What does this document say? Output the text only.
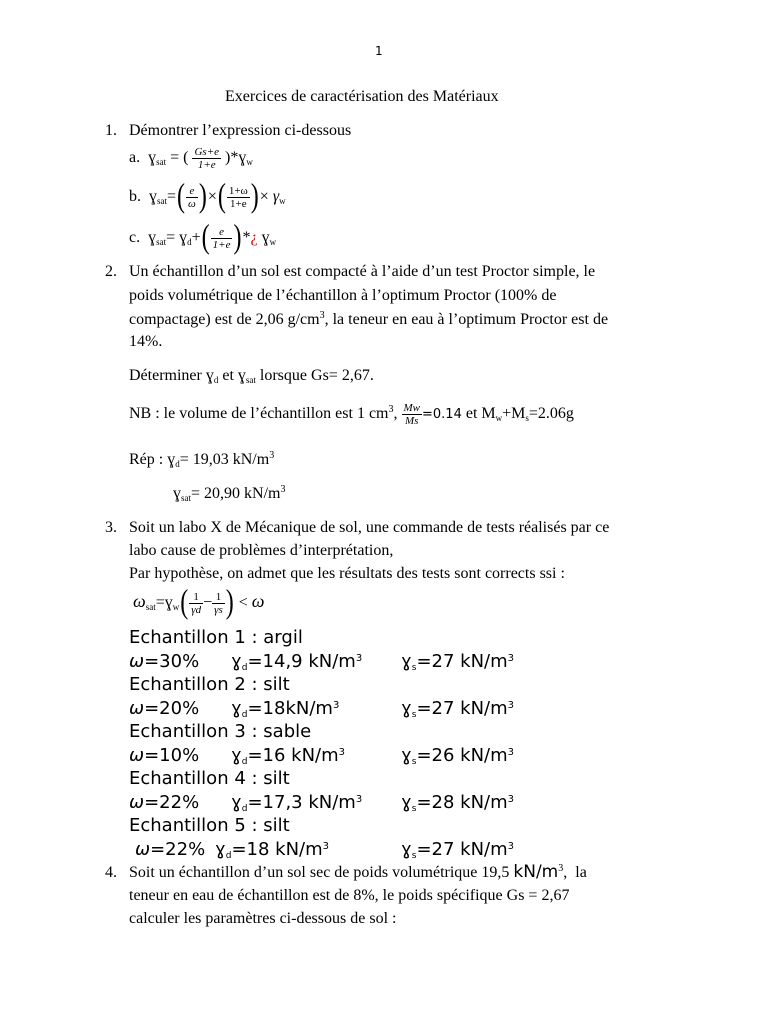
1
Exercices de caractérisation des Matériaux
1. Démontrer l’expression ci-dessous
a. ɣ$_{sat}$ = ( $\frac{Gs+e}{1+e}$ )*ɣ$_w$
b. ɣ$_{sat}$=( $\frac{e}{\omega}$ )×( $\frac{1+\omega}{1+e}$ )× $\gamma_w$
c. ɣ$_{sat}$= ɣ$_d$+( $\frac{e}{1+e}$ )*¿ ɣ$_w$
2. Un échantillon d’un sol est compacté à l’aide d’un test Proctor simple, le
poids volumétrique de l’échantillon à l’optimum Proctor (100% de
compactage) est de 2,06 $g/cm^3$, la teneur en eau à l’optimum Proctor est de
14%.
Déterminer ɣ$_d$ et ɣ$_{sat}$ lorsque Gs= 2,67.
NB : le volume de l’échantillon est 1 $cm^3$, $\frac{Mw}{Ms} =0.14$ et $M_w+M_s=2.06g$
Rép : ɣ$_d$= 19,03 $kN/m^3$
ɣ$_{sat}$= 20,90 $kN/m^3$
3. Soit un labo X de Mécanique de sol, une commande de tests réalisés par ce
labo cause de problèmes d’interprétation,
Par hypothèse, on admet que les résultats des tests sont corrects ssi :
$\omega_{sat}=ɣ_w( \frac{1}{\gamma d} - \frac{1}{\gamma s}$ ) < ω
Echantillon 1 : argil
ω=30% ɣ$_d$=14,9 $kN/m^3$ ɣ$_s$=27 $kN/m^3$
Echantillon 2 : silt
ω=20% $ɣ_d=18kN/m^3$	ɣ$_s$=27 $kN/m^3$
Echantillon 3 : sable
ω=10% ɣ$_d$=16 $kN/m^3$	ɣ$_s$=26 $kN/m^3$
Echantillon 4 : silt
ω=22% ɣ$_d$=17,3 $kN/m^3$ ɣ$_s$=28 $kN/m^3$
Echantillon 5 : silt
ω=22% ɣ$_d$=18 $kN/m^3$	ɣ$_s$=27 $kN/m^3$
4. Soit un échantillon d’un sol sec de poids volumétrique 19,5 $kN/m^3$,  la
teneur en eau de échantillon est de 8%, le poids spécifique Gs = 2,67
calculer les paramètres ci-dessous de sol :
